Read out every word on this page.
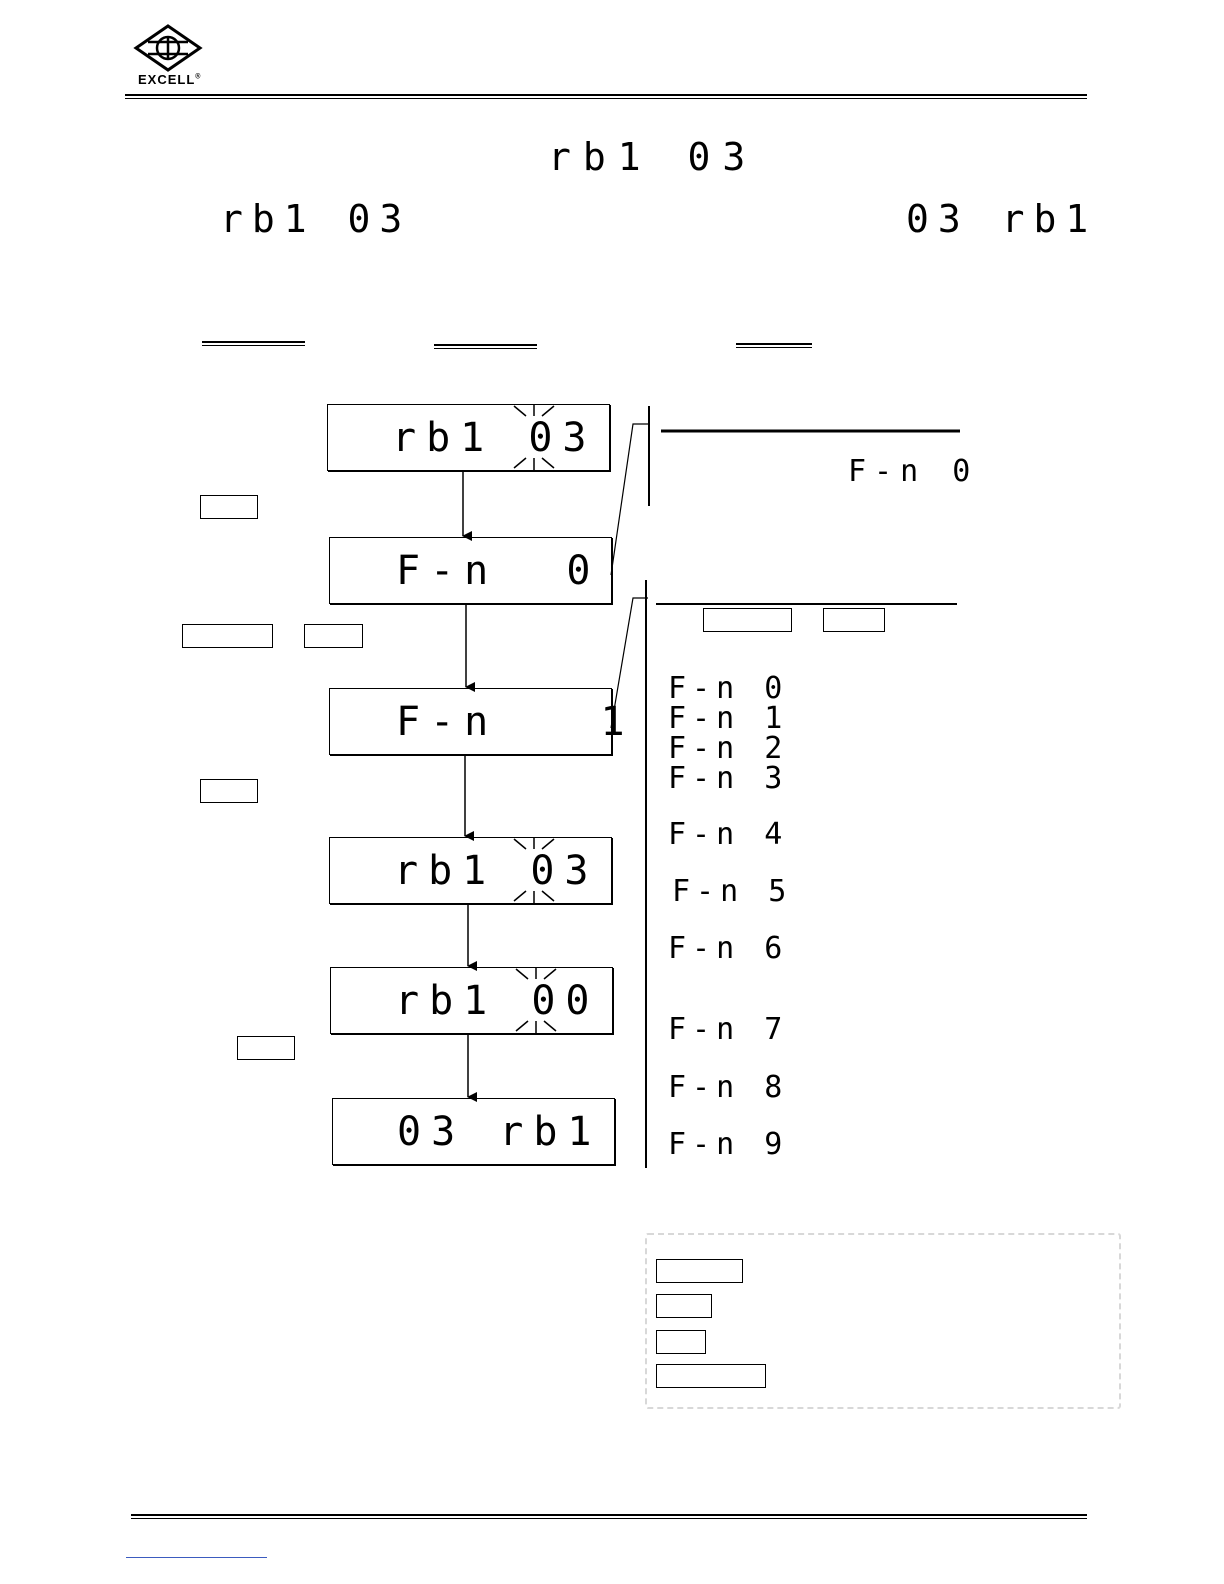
EXCELL®
rb1 03
rb1 03	03 rb1
rb1 03
F-n  0
F-n   1
rb1 03
rb1 00
03 rb1
F-n 0
F-n 0
F-n 1
F-n 2
F-n 3
F-n 4
F-n 5
F-n 6
F-n 7
F-n 8
F-n 9
